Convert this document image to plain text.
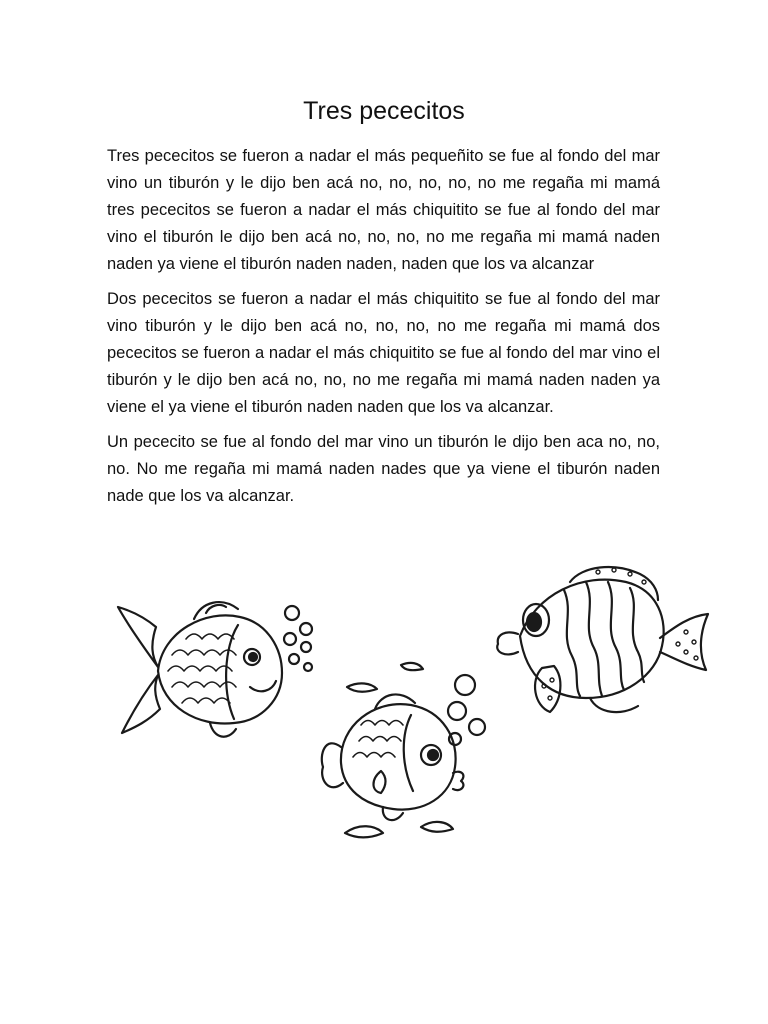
Tres pececitos

Tres pececitos se fueron a nadar el más pequeñito se fue al fondo del mar vino un tiburón y le dijo ben acá no, no, no, no, no me regaña mi mamá tres pececitos se fueron a nadar el más chiquitito se fue al fondo del mar vino el tiburón le dijo ben acá no, no, no, no me regaña mi mamá naden naden ya viene el tiburón naden naden, naden que los va alcanzar

Dos pececitos se fueron a nadar el más chiquitito se fue al fondo del mar vino tiburón y le dijo ben acá no, no, no, no me regaña mi mamá dos pececitos se fueron a nadar el más chiquitito se fue al fondo del mar vino el tiburón y le dijo ben acá no, no, no me regaña mi mamá naden naden ya viene el ya viene el tiburón naden naden que los va alcanzar.

Un pececito se fue al fondo del mar vino un tiburón le dijo ben aca no, no, no. No me regaña mi mamá naden nades que ya viene el tiburón naden nade que los va alcanzar.
